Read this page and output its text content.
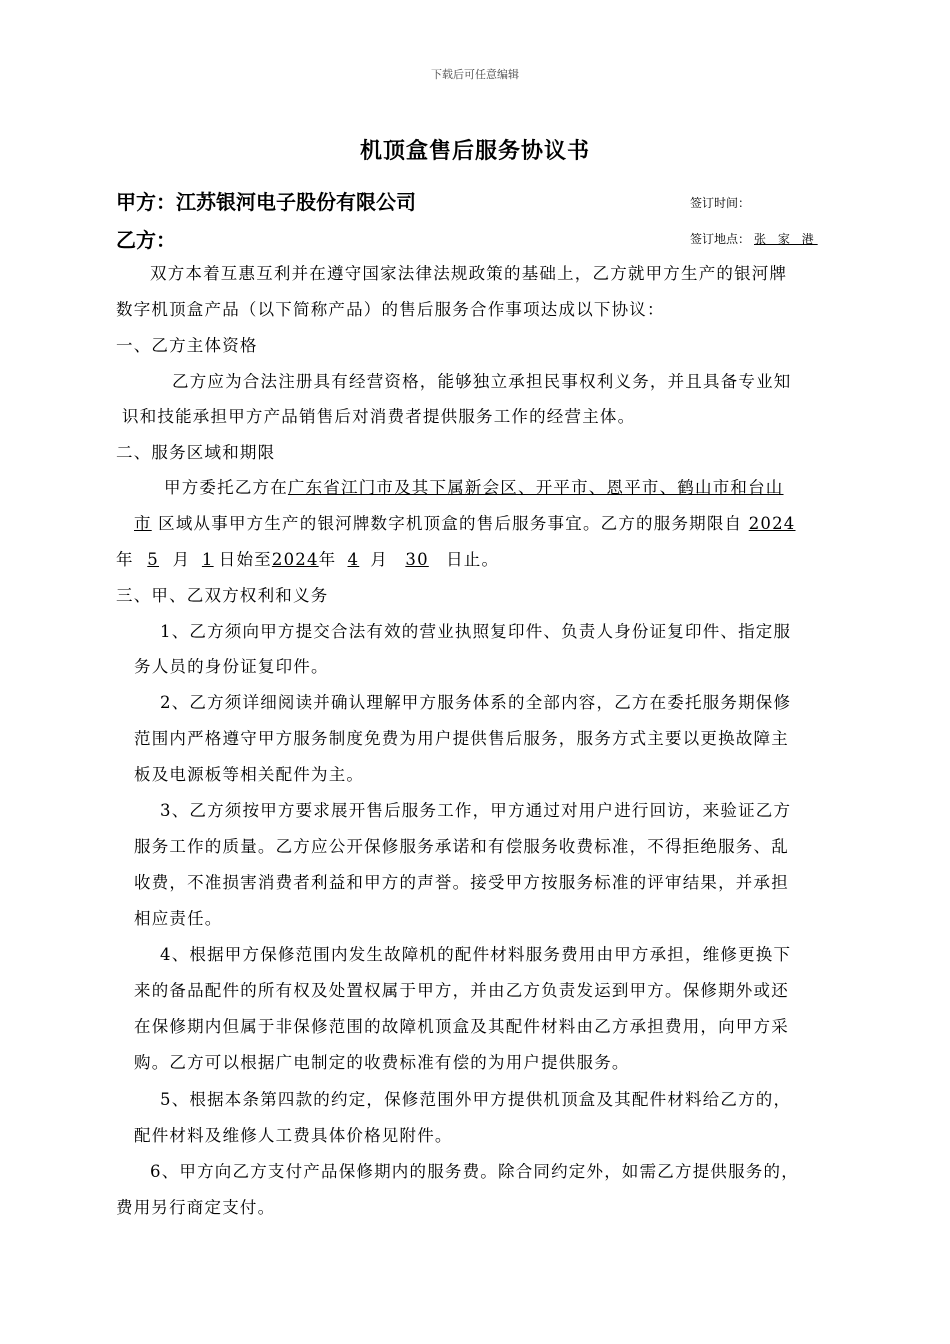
下载后可任意编辑
机顶盒售后服务协议书
甲方：江苏银河电子股份有限公司	签订时间：
乙方：	签订地点： 张 家 港
双方本着互惠互利并在遵守国家法律法规政策的基础上，乙方就甲方生产的银河牌
数字机顶盒产品（以下简称产品）的售后服务合作事项达成以下协议：
一、乙方主体资格
乙方应为合法注册具有经营资格，能够独立承担民事权利义务，并且具备专业知
识和技能承担甲方产品销售后对消费者提供服务工作的经营主体。
二、服务区域和期限
甲方委托乙方在广东省江门市及其下属新会区、开平市、恩平市、鹤山市和台山
市 区域从事甲方生产的银河牌数字机顶盒的售后服务事宜。乙方的服务期限自 2024
年 5 月 1 日始至2024年 4 月 30 日止。
三、甲、乙双方权利和义务
1、乙方须向甲方提交合法有效的营业执照复印件、负责人身份证复印件、指定服
务人员的身份证复印件。
2、乙方须详细阅读并确认理解甲方服务体系的全部内容，乙方在委托服务期保修
范围内严格遵守甲方服务制度免费为用户提供售后服务，服务方式主要以更换故障主
板及电源板等相关配件为主。
3、乙方须按甲方要求展开售后服务工作，甲方通过对用户进行回访，来验证乙方
服务工作的质量。乙方应公开保修服务承诺和有偿服务收费标准，不得拒绝服务、乱
收费，不准损害消费者利益和甲方的声誉。接受甲方按服务标准的评审结果，并承担
相应责任。
4、根据甲方保修范围内发生故障机的配件材料服务费用由甲方承担，维修更换下
来的备品配件的所有权及处置权属于甲方，并由乙方负责发运到甲方。保修期外或还
在保修期内但属于非保修范围的故障机顶盒及其配件材料由乙方承担费用，向甲方采
购。乙方可以根据广电制定的收费标准有偿的为用户提供服务。
5、根据本条第四款的约定，保修范围外甲方提供机顶盒及其配件材料给乙方的，
配件材料及维修人工费具体价格见附件。
6、甲方向乙方支付产品保修期内的服务费。除合同约定外，如需乙方提供服务的，
费用另行商定支付。
